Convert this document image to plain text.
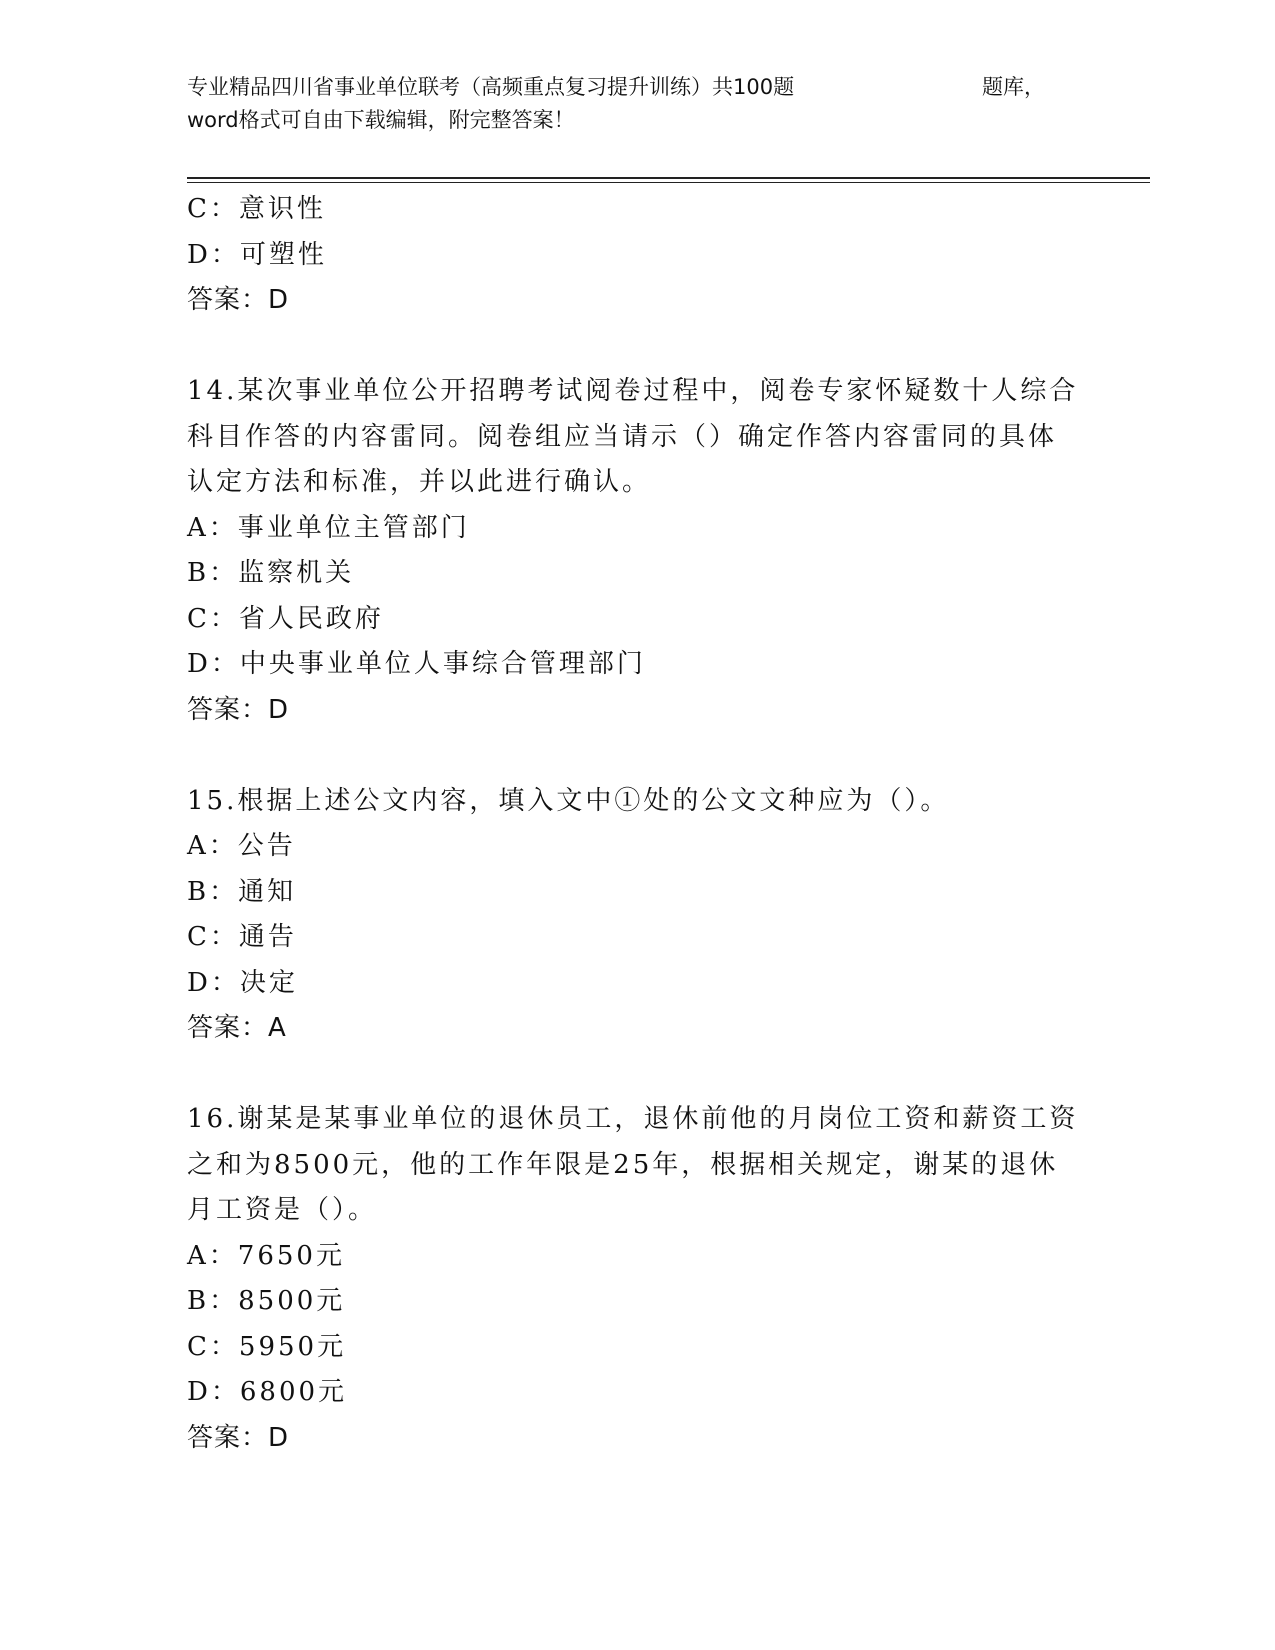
专业精品四川省事业单位联考（高频重点复习提升训练）共100题	题库，
word格式可自由下载编辑，附完整答案！
C：意识性
D：可塑性
答案：D
14.某次事业单位公开招聘考试阅卷过程中，阅卷专家怀疑数十人综合
科目作答的内容雷同。阅卷组应当请示（）确定作答内容雷同的具体
认定方法和标准，并以此进行确认。
A：事业单位主管部门
B：监察机关
C：省人民政府
D：中央事业单位人事综合管理部门
答案：D
15.根据上述公文内容，填入文中①处的公文文种应为（）。
A：公告
B：通知
C：通告
D：决定
答案：A
16.谢某是某事业单位的退休员工，退休前他的月岗位工资和薪资工资
之和为8500元，他的工作年限是25年，根据相关规定，谢某的退休
月工资是（）。
A：7650元
B：8500元
C：5950元
D：6800元
答案：D
